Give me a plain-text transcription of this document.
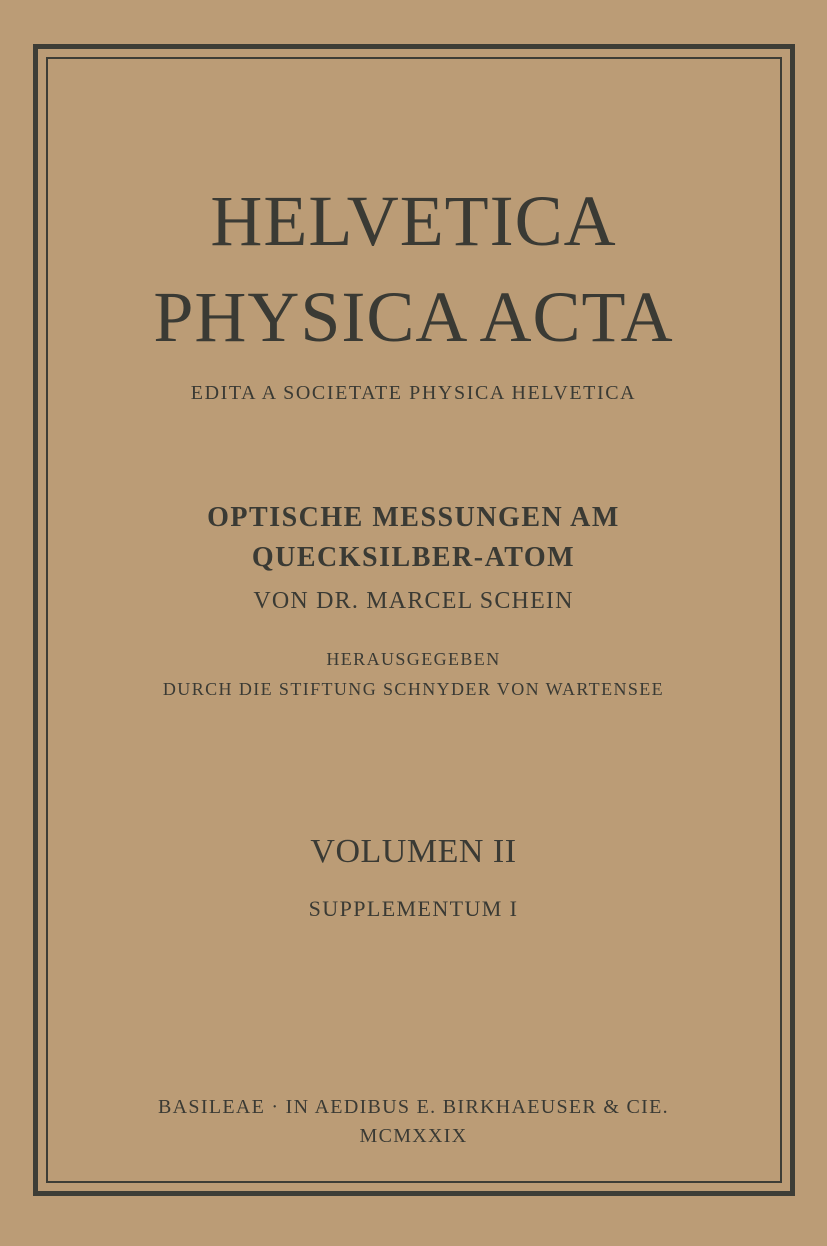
HELVETICA
PHYSICA ACTA
EDITA A SOCIETATE PHYSICA HELVETICA
OPTISCHE MESSUNGEN AM
QUECKSILBER-ATOM
VON DR. MARCEL SCHEIN
HERAUSGEGEBEN
DURCH DIE STIFTUNG SCHNYDER VON WARTENSEE
VOLUMEN II
SUPPLEMENTUM I
BASILEAE · IN AEDIBUS E. BIRKHAEUSER & CIE.
MCMXXIX
